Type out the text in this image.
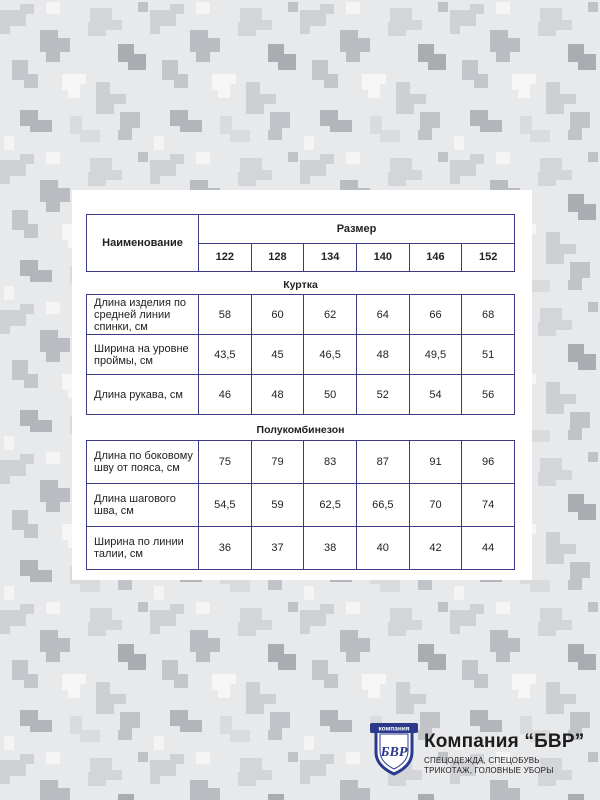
Наименование	Размер					
	122	128	134	140	146	152
Куртка
Длина изделия по средней линии спинки, см	58	60	62	64	66	68
Ширина на уровне проймы, см	43,5	45	46,5	48	49,5	51
Длина рукава, см	46	48	50	52	54	56
Полукомбинезон
Длина по боковому шву от пояса, см	75	79	83	87	91	96
Длина шагового шва, см	54,5	59	62,5	66,5	70	74
Ширина по линии талии, см	36	37	38	40	42	44
компания
БВР
Компания “БВР”
СПЕЦОДЕЖДА, СПЕЦОБУВЬ
ТРИКОТАЖ, ГОЛОВНЫЕ УБОРЫ
